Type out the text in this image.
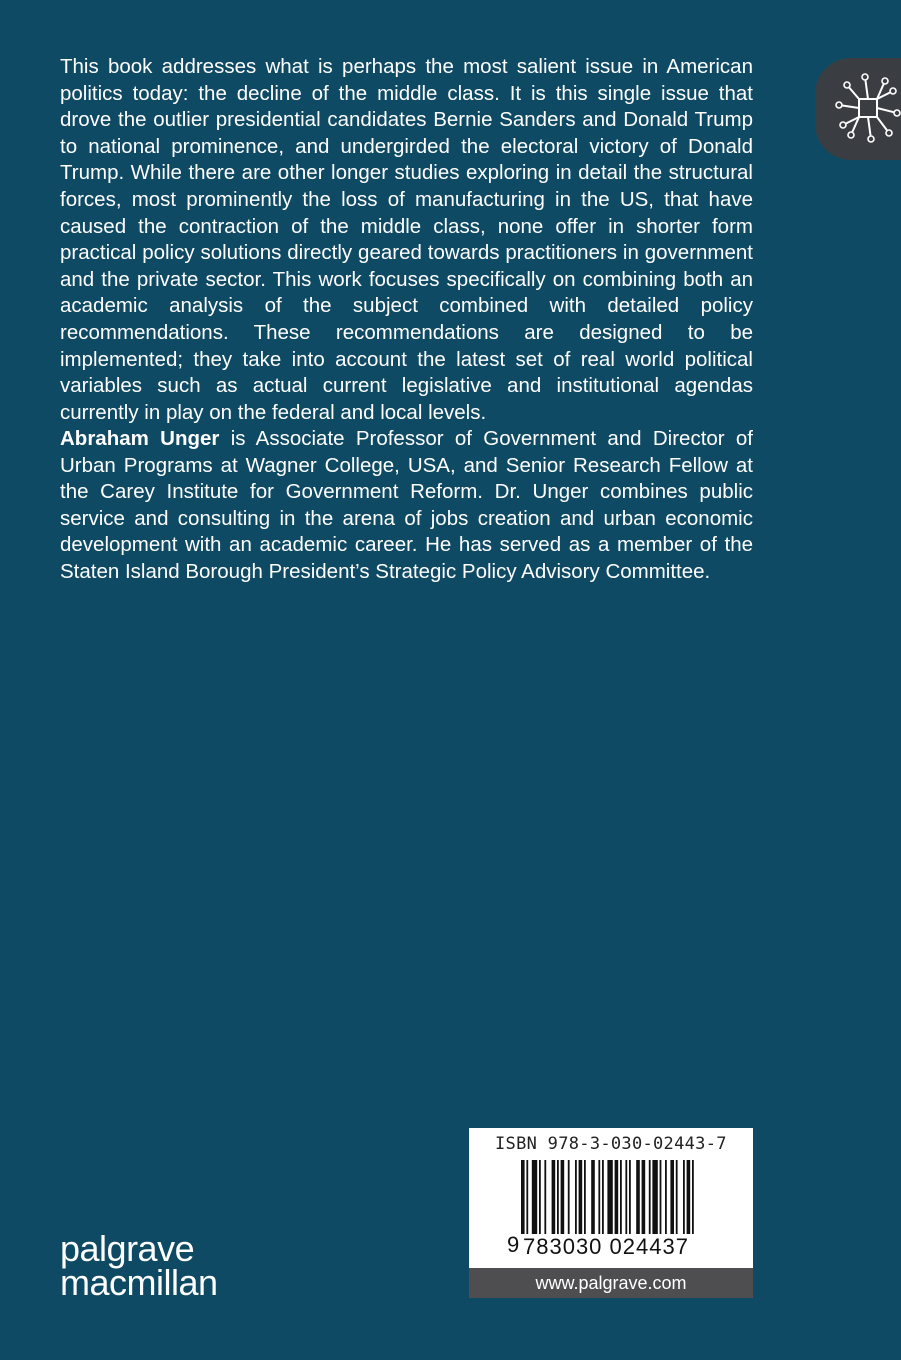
This book addresses what is perhaps the most salient issue in American politics today: the decline of the middle class. It is this single issue that drove the outlier presidential candidates Bernie Sanders and Donald Trump to national prominence, and undergirded the electoral victory of Donald Trump. While there are other longer studies exploring in detail the structural forces, most prominently the loss of manufacturing in the US, that have caused the contraction of the middle class, none offer in shorter form practical policy solutions directly geared towards practitioners in government and the private sector. This work focuses specifically on combining both an academic analysis of the subject combined with detailed policy recommendations. These recommendations are designed to be implemented; they take into account the latest set of real world political variables such as actual current legislative and institutional agendas currently in play on the federal and local levels.

Abraham Unger is Associate Professor of Government and Director of Urban Programs at Wagner College, USA, and Senior Research Fellow at the Carey Institute for Government Reform. Dr. Unger combines public service and consulting in the arena of jobs creation and urban economic development with an academic career. He has served as a member of the Staten Island Borough President’s Strategic Policy Advisory Committee.

palgrave
macmillan
ISBN 978-3-030-02443-7
9 783030 024437
www.palgrave.com
